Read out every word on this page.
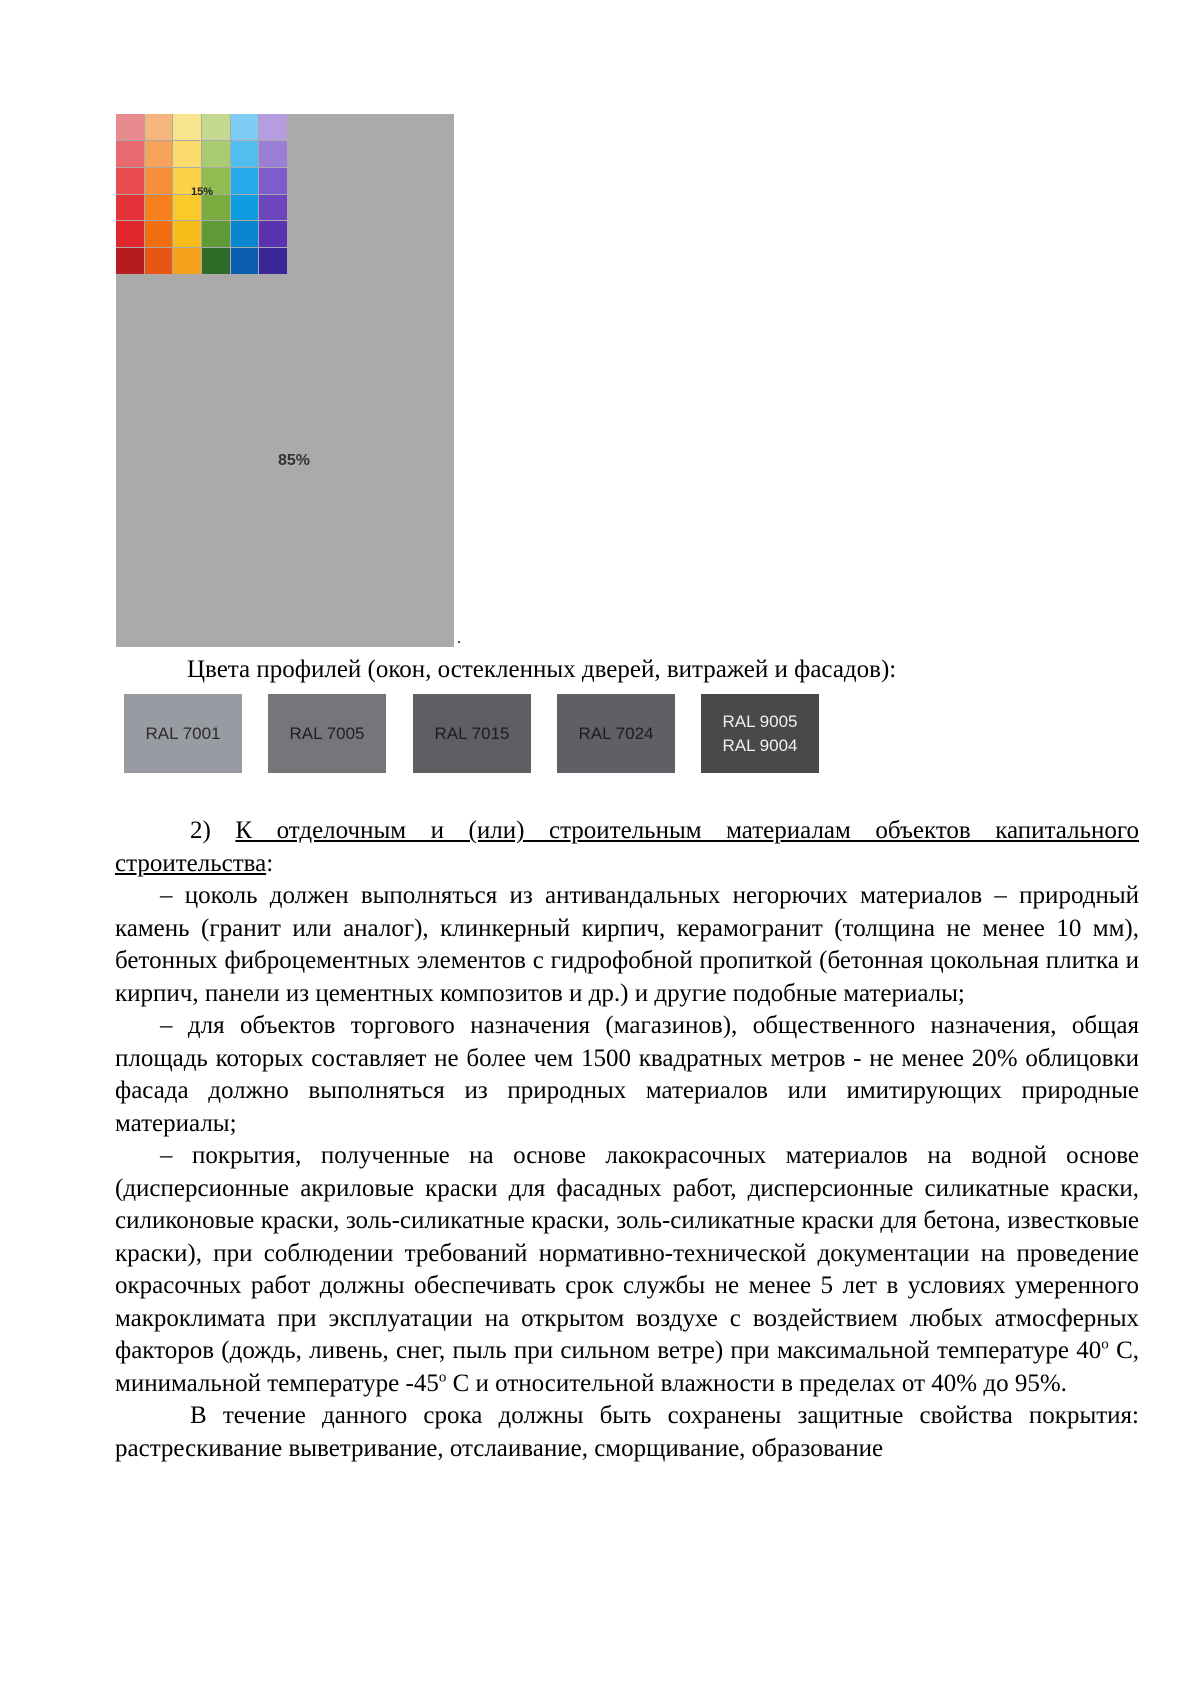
15%
85%
.
Цвета профилей (окон, остекленных дверей, витражей и фасадов):
RAL 7001	RAL 7005	RAL 7015	RAL 7024
RAL 9005
RAL 9004

2) К отделочным и (или) строительным материалам объектов капитального строительства:

– цоколь должен выполняться из антивандальных негорючих материалов – природный камень (гранит или аналог), клинкерный кирпич, керамогранит (толщина не менее 10 мм), бетонных фиброцементных элементов с гидрофобной пропиткой (бетонная цокольная плитка и кирпич, панели из цементных композитов и др.) и другие подобные материалы;

– для объектов торгового назначения (магазинов), общественного назначения, общая площадь которых составляет не более чем 1500 квадратных метров - не менее 20% облицовки фасада должно выполняться из природных материалов или имитирующих природные материалы;

– покрытия, полученные на основе лакокрасочных материалов на водной основе (дисперсионные акриловые краски для фасадных работ, дисперсионные силикатные краски, силиконовые краски, золь-силикатные краски, золь-силикатные краски для бетона, известковые краски), при соблюдении требований нормативно-технической документации на проведение окрасочных работ должны обеспечивать срок службы не менее 5 лет в условиях умеренного макроклимата при эксплуатации на открытом воздухе с воздействием любых атмосферных факторов (дождь, ливень, снег, пыль при сильном ветре) при максимальной температуре 40$^o$ С, минимальной температуре -45$^o$ С и относительной влажности в пределах от 40% до 95%.

В течение данного срока должны быть сохранены защитные свойства покрытия: растрескивание выветривание, отслаивание, сморщивание, образование
